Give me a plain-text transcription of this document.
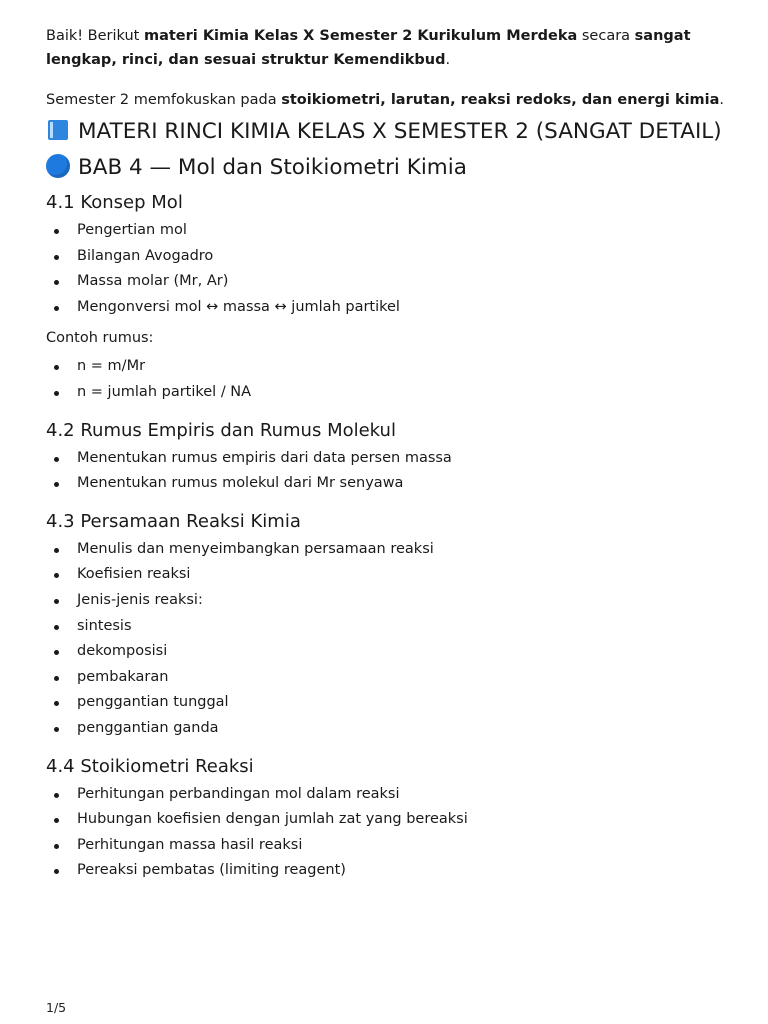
Baik! Berikut materi Kimia Kelas X Semester 2 Kurikulum Merdeka secara sangat lengkap, rinci, dan sesuai struktur Kemendikbud.

Semester 2 memfokuskan pada stoikiometri, larutan, reaksi redoks, dan energi kimia.

MATERI RINCI KIMIA KELAS X SEMESTER 2 (SANGAT DETAIL)
BAB 4 — Mol dan Stoikiometri Kimia
4.1 Konsep Mol
Pengertian mol
Bilangan Avogadro
Massa molar (Mr, Ar)
Mengonversi mol ↔ massa ↔ jumlah partikel

Contoh rumus:

n = m/Mr
n = jumlah partikel / NA
4.2 Rumus Empiris dan Rumus Molekul
Menentukan rumus empiris dari data persen massa
Menentukan rumus molekul dari Mr senyawa
4.3 Persamaan Reaksi Kimia
Menulis dan menyeimbangkan persamaan reaksi
Koefisien reaksi
Jenis-jenis reaksi:
sintesis
dekomposisi
pembakaran
penggantian tunggal
penggantian ganda
4.4 Stoikiometri Reaksi
Perhitungan perbandingan mol dalam reaksi
Hubungan koefisien dengan jumlah zat yang bereaksi
Perhitungan massa hasil reaksi
Pereaksi pembatas (limiting reagent)
1/5
